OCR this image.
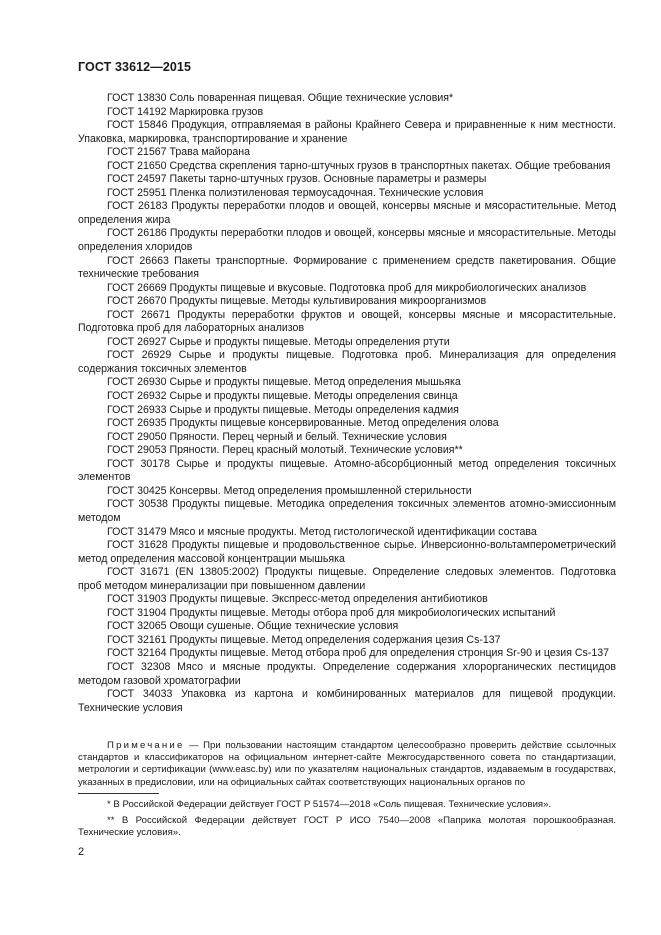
ГОСТ 33612—2015

ГОСТ 13830 Соль поваренная пищевая. Общие технические условия*

ГОСТ 14192 Маркировка грузов

ГОСТ 15846 Продукция, отправляемая в районы Крайнего Севера и приравненные к ним местности. Упаковка, маркировка, транспортирование и хранение

ГОСТ 21567 Трава майорана

ГОСТ 21650 Средства скрепления тарно-штучных грузов в транспортных пакетах. Общие требования

ГОСТ 24597 Пакеты тарно-штучных грузов. Основные параметры и размеры

ГОСТ 25951 Пленка полиэтиленовая термоусадочная. Технические условия

ГОСТ 26183 Продукты переработки плодов и овощей, консервы мясные и мясорастительные. Метод определения жира

ГОСТ 26186 Продукты переработки плодов и овощей, консервы мясные и мясорастительные. Методы определения хлоридов

ГОСТ 26663 Пакеты транспортные. Формирование с применением средств пакетирования. Общие технические требования

ГОСТ 26669 Продукты пищевые и вкусовые. Подготовка проб для микробиологических анализов

ГОСТ 26670 Продукты пищевые. Методы культивирования микроорганизмов

ГОСТ 26671 Продукты переработки фруктов и овощей, консервы мясные и мясорастительные. Подготовка проб для лабораторных анализов

ГОСТ 26927 Сырье и продукты пищевые. Методы определения ртути

ГОСТ 26929 Сырье и продукты пищевые. Подготовка проб. Минерализация для определения содержания токсичных элементов

ГОСТ 26930 Сырье и продукты пищевые. Метод определения мышьяка

ГОСТ 26932 Сырье и продукты пищевые. Методы определения свинца

ГОСТ 26933 Сырье и продукты пищевые. Методы определения кадмия

ГОСТ 26935 Продукты пищевые консервированные. Метод определения олова

ГОСТ 29050 Пряности. Перец черный и белый. Технические условия

ГОСТ 29053 Пряности. Перец красный молотый. Технические условия**

ГОСТ 30178 Сырье и продукты пищевые. Атомно-абсорбционный метод определения токсичных элементов

ГОСТ 30425 Консервы. Метод определения промышленной стерильности

ГОСТ 30538 Продукты пищевые. Методика определения токсичных элементов атомно-эмиссионным методом

ГОСТ 31479 Мясо и мясные продукты. Метод гистологической идентификации состава

ГОСТ 31628 Продукты пищевые и продовольственное сырье. Инверсионно-вольтамперометрический метод определения массовой концентрации мышьяка

ГОСТ 31671 (EN 13805:2002) Продукты пищевые. Определение следовых элементов. Подготовка проб методом минерализации при повышенном давлении

ГОСТ 31903 Продукты пищевые. Экспресс-метод определения антибиотиков

ГОСТ 31904 Продукты пищевые. Методы отбора проб для микробиологических испытаний

ГОСТ 32065 Овощи сушеные. Общие технические условия

ГОСТ 32161 Продукты пищевые. Метод определения содержания цезия Cs-137

ГОСТ 32164 Продукты пищевые. Метод отбора проб для определения стронция Sr-90 и цезия Cs-137

ГОСТ 32308 Мясо и мясные продукты. Определение содержания хлорорганических пестицидов методом газовой хроматографии

ГОСТ 34033 Упаковка из картона и комбинированных материалов для пищевой продукции. Технические условия

Примечание — При пользовании настоящим стандартом целесообразно проверить действие ссылочных стандартов и классификаторов на официальном интернет-сайте Межгосударственного совета по стандартизации, метрологии и сертификации (www.easc.by) или по указателям национальных стандартов, издаваемым в государствах, указанных в предисловии, или на официальных сайтах соответствующих национальных органов по

* В Российской Федерации действует ГОСТ Р 51574—2018 «Соль пищевая. Технические условия».

** В Российской Федерации действует ГОСТ Р ИСО 7540—2008 «Паприка молотая порошкообразная. Технические условия».

2
